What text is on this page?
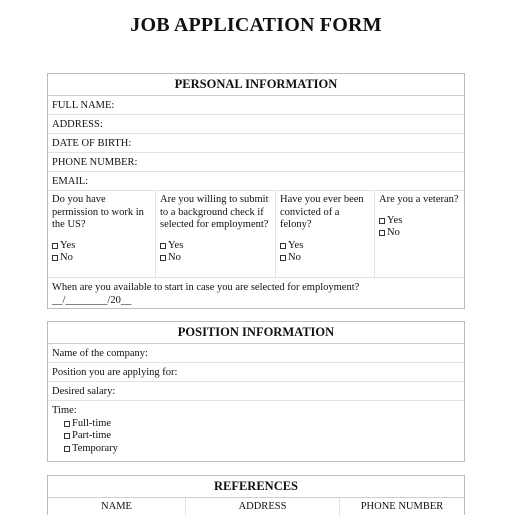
JOB APPLICATION FORM
PERSONAL INFORMATION
FULL NAME:
ADDRESS:
DATE OF BIRTH:
PHONE NUMBER:
EMAIL:
Do you have permission to work in the US?
Yes
No
Are you willing to submit to a background check if selected for employment?
Yes
No
Have you ever been convicted of a felony?
Yes
No
Are you a veteran?
Yes
No
When are you available to start in case you are selected for employment?
__/________/20__
POSITION INFORMATION
Name of the company:
Position you are applying for:
Desired salary:
Time:
Full-time
Part-time
Temporary
REFERENCES
NAME	ADDRESS	PHONE NUMBER
